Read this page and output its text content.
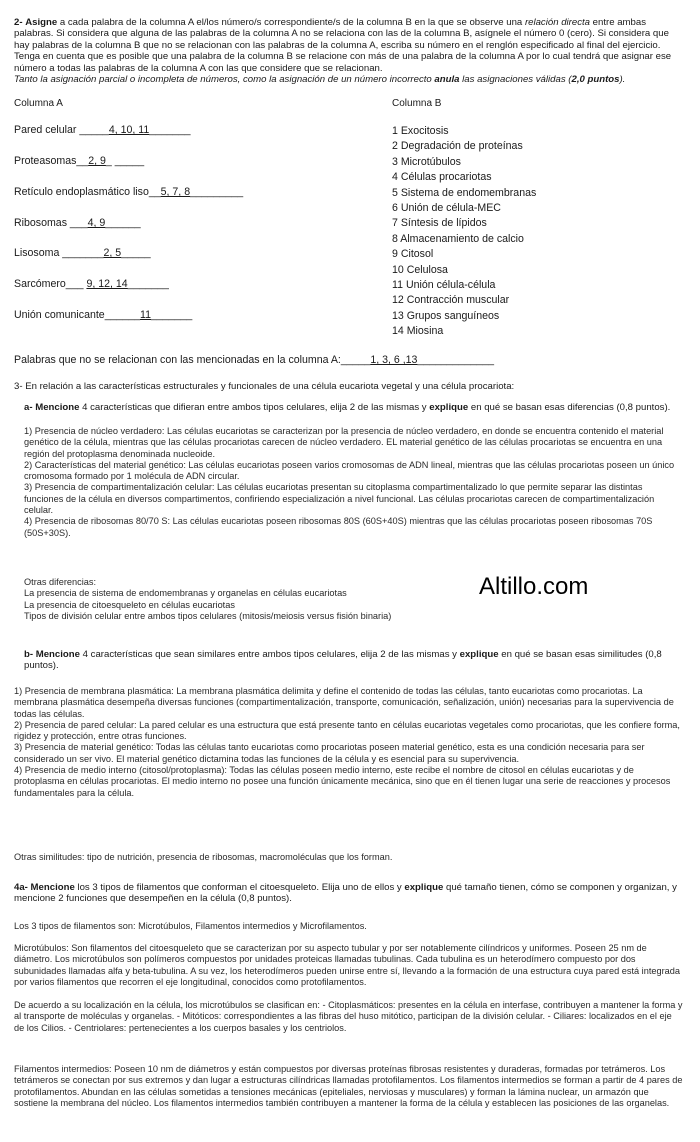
2- Asigne a cada palabra de la columna A el/los número/s correspondiente/s de la columna B en la que se observe una relación directa entre ambas palabras. Si considera que alguna de las palabras de la columna A no se relaciona con las de la columna B, asígnele el número 0 (cero). Si considera que hay palabras de la columna B que no se relacionan con las palabras de la columna A, escriba su número en el renglón especificado al final del ejercicio. Tenga en cuenta que es posible que una palabra de la columna B se relacione con más de una palabra de la columna A por lo cual tendrá que asignar ese número a todas las palabras de la columna A con las que considere que se relacionan.
Tanto la asignación parcial o incompleta de números, como la asignación de un número incorrecto anula las asignaciones válidas (2,0 puntos).

Columna A	Columna B
Pared celular _____4, 10, 11_______
Proteasomas__2, 9_ _____
Retículo endoplasmático liso__5, 7, 8_________
Ribosomas ___4, 9______
Lisosoma _______2, 5_____
Sarcómero___ 9, 12, 14_______
Unión comunicante______11_______
1 Exocitosis
2 Degradación de proteínas
3 Microtúbulos
4 Células procariotas
5 Sistema de endomembranas
6 Unión de célula-MEC
7 Síntesis de lípidos
8 Almacenamiento de calcio
9 Citosol
10 Celulosa
11 Unión célula-célula
12 Contracción muscular
13 Grupos sanguíneos
14 Miosina
Palabras que no se relacionan con las mencionadas en la columna A:_____1, 3, 6 ,13_____________

3- En relación a las características estructurales y funcionales de una célula eucariota vegetal y una célula procariota:

a- Mencione 4 características que difieran entre ambos tipos celulares, elija 2 de las mismas y explique en qué se basan esas diferencias (0,8 puntos).

1) Presencia de núcleo verdadero: Las células eucariotas se caracterizan por la presencia de núcleo verdadero, en donde se encuentra contenido el material genético de la célula, mientras que las células procariotas carecen de núcleo verdadero. EL material genético de las células procariotas se encuentra en una región del protoplasma denominada nucleoide.
2) Características del material genético: Las células eucariotas poseen varios cromosomas de ADN lineal, mientras que las células procariotas poseen un único cromosoma formado por 1 molécula de ADN circular.
3) Presencia de compartimentalización celular: Las células eucariotas presentan su citoplasma compartimentalizado lo que permite separar las distintas funciones de la célula en diversos compartimentos, confiriendo especialización a nivel funcional. Las células procariotas carecen de compartimentalización celular.
4) Presencia de ribosomas 80/70 S: Las células eucariotas poseen ribosomas 80S (60S+40S) mientras que las células procariotas poseen ribosomas 70S (50S+30S).
Otras diferencias:
La presencia de sistema de endomembranas y organelas en células eucariotas
La presencia de citoesqueleto en células eucariotas
Tipos de división celular entre ambos tipos celulares (mitosis/meiosis versus fisión binaria)
Altillo.com

b- Mencione 4 características que sean similares entre ambos tipos celulares, elija 2 de las mismas y explique en qué se basan esas similitudes (0,8 puntos).

1) Presencia de membrana plasmática: La membrana plasmática delimita y define el contenido de todas las células, tanto eucariotas como procariotas. La membrana plasmática desempeña diversas funciones (compartimentalización, transporte, comunicación, señalización, unión) necesarias para la supervivencia de todas las células.
2) Presencia de pared celular: La pared celular es una estructura que está presente tanto en células eucariotas vegetales como procariotas, que les confiere forma, rigidez y protección, entre otras funciones.
3) Presencia de material genético: Todas las células tanto eucariotas como procariotas poseen material genético, esta es una condición necesaria para ser considerado un ser vivo. El material genético dictamina todas las funciones de la célula y es esencial para su supervivencia.
4) Presencia de medio interno (citosol/protoplasma): Todas las células poseen medio interno, este recibe el nombre de citosol en células eucariotas y de protoplasma en células procariotas. El medio interno no posee una función únicamente mecánica, sino que en él tienen lugar una serie de reacciones y procesos fundamentales para la célula.
Otras similitudes: tipo de nutrición, presencia de ribosomas, macromoléculas que los forman.

4a- Mencione los 3 tipos de filamentos que conforman el citoesqueleto. Elija uno de ellos y explique qué tamaño tienen, cómo se componen y organizan, y mencione 2 funciones que desempeñen en la célula (0,8 puntos).

Los 3 tipos de filamentos son: Microtúbulos, Filamentos intermedios y Microfilamentos.
Microtúbulos: Son filamentos del citoesqueleto que se caracterizan por su aspecto tubular y por ser notablemente cilíndricos y uniformes. Poseen 25 nm de diámetro. Los microtúbulos son polímeros compuestos por unidades proteicas llamadas tubulinas. Cada tubulina es un heterodímero compuesto por dos subunidades llamadas alfa y beta-tubulina. A su vez, los heterodímeros pueden unirse entre sí, llevando a la formación de una estructura cuya pared está integrada por varios filamentos que recorren el eje longitudinal, conocidos como protofilamentos.
De acuerdo a su localización en la célula, los microtúbulos se clasifican en: - Citoplasmáticos: presentes en la célula en interfase, contribuyen a mantener la forma y al transporte de moléculas y organelas. - Mitóticos: correspondientes a las fibras del huso mitótico, participan de la división celular. - Ciliares: localizados en el eje de los Cilios. - Centriolares: pertenecientes a los cuerpos basales y los centriolos.
Filamentos intermedios: Poseen 10 nm de diámetros y están compuestos por diversas proteínas fibrosas resistentes y duraderas, formadas por tetrámeros. Los tetrámeros se conectan por sus extremos y dan lugar a estructuras cilíndricas llamadas protofilamentos. Los filamentos intermedios se forman a partir de 4 pares de protofilamentos. Abundan en las células sometidas a tensiones mecánicas (epiteliales, nerviosas y musculares) y forman la lámina nuclear, un armazón que sostiene la membrana del núcleo. Los filamentos intermedios también contribuyen a mantener la forma de la célula y establecen las posiciones de las organelas.
